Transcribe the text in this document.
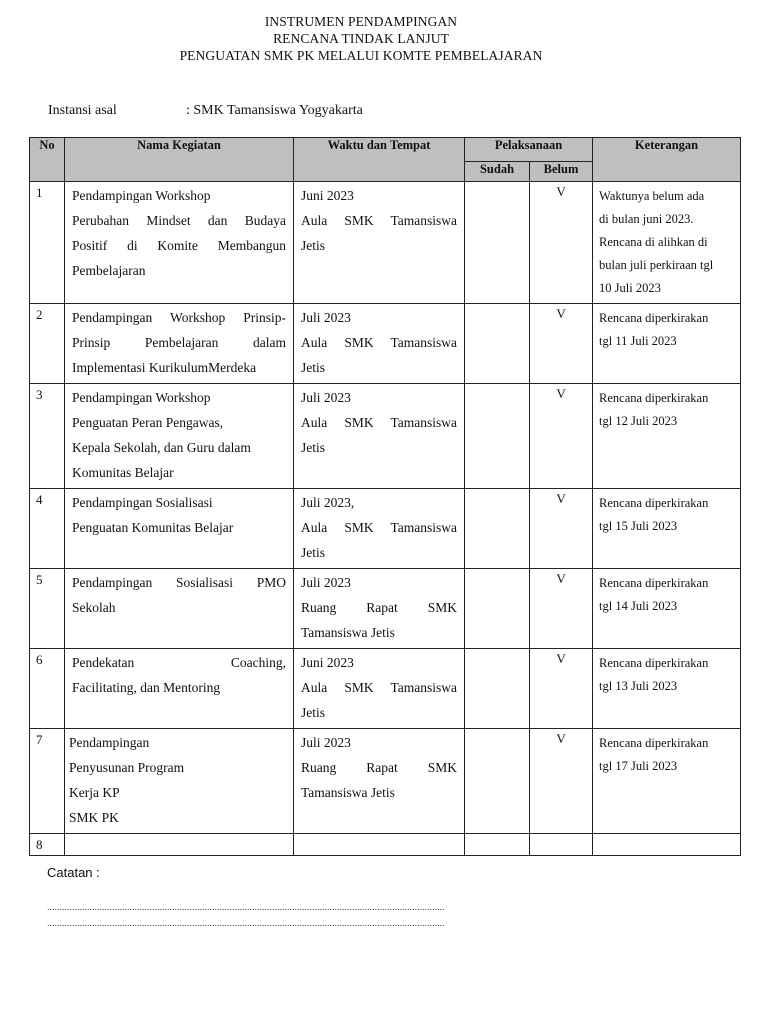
INSTRUMEN PENDAMPINGAN
RENCANA TINDAK LANJUT
PENGUATAN SMK PK MELALUI KOMTE PEMBELAJARAN
Instansi asal	: SMK Tamansiswa Yogyakarta
No	Nama Kegiatan	Waktu dan Tempat	Pelaksanaan		Keterangan
			Sudah	Belum	
1	Pendampingan Workshop
Perubahan Mindset dan Budaya
Positif di Komite Membangun
Pembelajaran	Juni 2023
Aula SMK Tamansiswa
Jetis		V	Waktunya belum ada
di bulan juni 2023.
Rencana di alihkan di
bulan juli perkiraan tgl
10 Juli 2023

2	Pendampingan Workshop Prinsip-
Prinsip Pembelajaran dalam
Implementasi KurikulumMerdeka	Juli 2023
Aula SMK Tamansiswa
Jetis		V	Rencana diperkirakan
tgl 11 Juli 2023

3	Pendampingan Workshop
Penguatan Peran Pengawas,
Kepala Sekolah, dan Guru dalam
Komunitas Belajar	Juli 2023
Aula SMK Tamansiswa
Jetis		V	Rencana diperkirakan
tgl 12 Juli 2023

4	Pendampingan Sosialisasi
Penguatan Komunitas Belajar	Juli 2023,
Aula SMK Tamansiswa
Jetis		V	Rencana diperkirakan
tgl 15 Juli 2023

5	Pendampingan Sosialisasi PMO
Sekolah	Juli 2023
Ruang Rapat SMK
Tamansiswa Jetis		V	Rencana diperkirakan
tgl 14 Juli 2023

6	Pendekatan Coaching,
Facilitating, dan Mentoring	Juni 2023
Aula SMK Tamansiswa
Jetis		V	Rencana diperkirakan
tgl 13 Juli 2023

7	Pendampingan
Penyusunan Program
Kerja KP
SMK PK	Juli 2023
Ruang Rapat SMK
Tamansiswa Jetis		V	Rencana diperkirakan
tgl 17 Juli 2023

8	

Catatan :
...............................................................................................................................................................
...............................................................................................................................................................
